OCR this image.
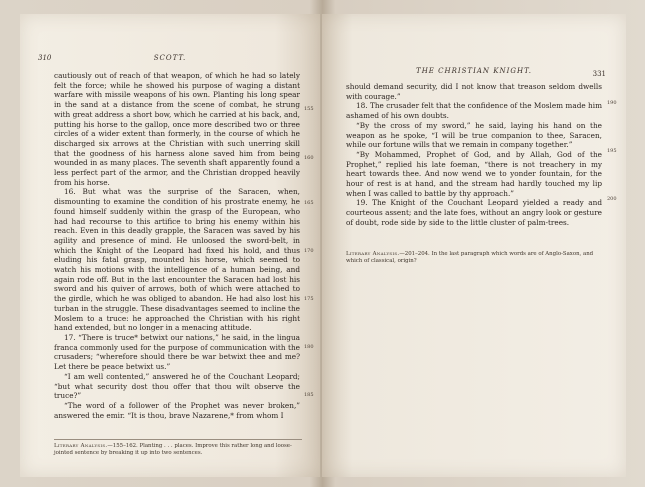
310	SCOTT.

cautiously out of reach of that weapon, of which he had so lately felt the force; while he showed his purpose of waging a distant warfare with missile weapons of his own. Planting his long spear in the sand at a distance from the scene of combat, he strung with great address a short bow, which he carried at his back, and, putting his horse to the gallop, once more described two or three circles of a wider extent than formerly, in the course of which he discharged six arrows at the Christian with such unerring skill that the goodness of his harness alone saved him from being wounded in as many places. The seventh shaft apparently found a less perfect part of the armor, and the Christian dropped heavily from his horse.

16. But what was the surprise of the Saracen, when, dismounting to examine the condition of his prostrate enemy, he found himself suddenly within the grasp of the European, who had had recourse to this artifice to bring his enemy within his reach. Even in this deadly grapple, the Saracen was saved by his agility and presence of mind. He unloosed the sword-belt, in which the Knight of the Leopard had fixed his hold, and thus eluding his fatal grasp, mounted his horse, which seemed to watch his motions with the intelligence of a human being, and again rode off. But in the last encounter the Saracen had lost his sword and his quiver of arrows, both of which were attached to the girdle, which he was obliged to abandon. He had also lost his turban in the struggle. These disadvantages seemed to incline the Moslem to a truce: he approached the Christian with his right hand extended, but no longer in a menacing attitude.

17. “There is truce* betwixt our nations,” he said, in the lingua franca commonly used for the purpose of communication with the crusaders; “wherefore should there be war betwixt thee and me? Let there be peace betwixt us.”

“I am well contented,” answered he of the Couchant Leopard; “but what security dost thou offer that thou wilt observe the truce?”

“The word of a follower of the Prophet was never broken,” answered the emir. “It is thou, brave Nazarene,* from whom I

155
160
165
170
175
180
185
Literary Analysis.—155–162. Planting . . . places. Improve this rather long and loose-jointed sentence by breaking it up into two sentences.
THE CHRISTIAN KNIGHT.	331

should demand security, did I not know that treason seldom dwells with courage.”

18. The crusader felt that the confidence of the Moslem made him ashamed of his own doubts.

“By the cross of my sword,” he said, laying his hand on the weapon as he spoke, “I will be true companion to thee, Saracen, while our fortune wills that we remain in company together.”

“By Mohammed, Prophet of God, and by Allah, God of the Prophet,” replied his late foeman, “there is not treachery in my heart towards thee. And now wend we to yonder fountain, for the hour of rest is at hand, and the stream had hardly touched my lip when I was called to battle by thy approach.”

19. The Knight of the Couchant Leopard yielded a ready and courteous assent; and the late foes, without an angry look or gesture of doubt, rode side by side to the little cluster of palm-trees.

190
195
200
Literary Analysis.—201–204. In the last paragraph which words are of Anglo-Saxon, and which of classical, origin?
